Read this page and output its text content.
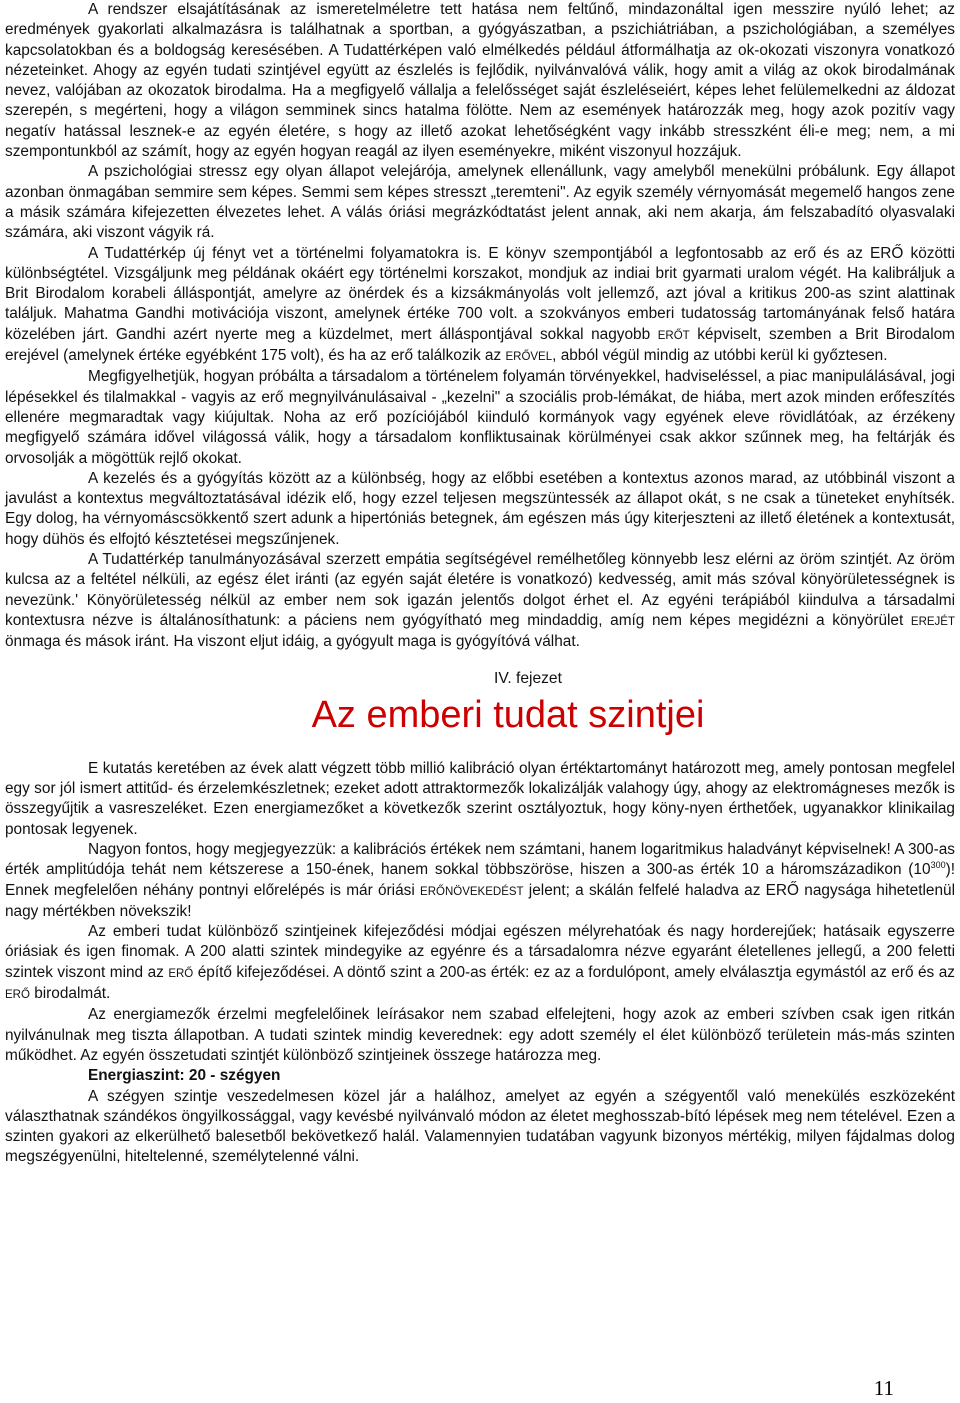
A rendszer elsajátításának az ismeretelméletre tett hatása nem feltűnő, mindazonáltal igen messzire nyúló lehet; az eredmények gyakorlati alkalmazásra is találhatnak a sportban, a gyógyászatban, a pszichiátriában, a pszichológiában, a személyes kapcsolatokban és a boldogság keresésében. A Tudattérképen való elmélkedés például átformálhatja az ok-okozati viszonyra vonatkozó nézeteinket. Ahogy az egyén tudati szintjével együtt az észlelés is fejlődik, nyilvánvalóvá válik, hogy amit a világ az okok birodalmának nevez, valójában az okozatok birodalma. Ha a megfigyelő vállalja a felelősséget saját észleléseiért, képes lehet felülemelkedni az áldozat szerepén, s megérteni, hogy a világon semminek sincs hatalma fölötte. Nem az események határozzák meg, hogy azok pozitív vagy negatív hatással lesznek-e az egyén életére, s hogy az illető azokat lehetőségként vagy inkább stresszként éli-e meg; nem, a mi szempontunkból az számít, hogy az egyén hogyan reagál az ilyen eseményekre, miként viszonyul hozzájuk.

A pszichológiai stressz egy olyan állapot velejárója, amelynek ellenállunk, vagy amelyből menekülni próbálunk. Egy állapot azonban önmagában semmire sem képes. Semmi sem képes stresszt „teremteni". Az egyik személy vérnyomását megemelő hangos zene a másik számára kifejezetten élvezetes lehet. A válás óriási megrázkódtatást jelent annak, aki nem akarja, ám felszabadító olyasvalaki számára, aki viszont vágyik rá.

A Tudattérkép új fényt vet a történelmi folyamatokra is. E könyv szempontjából a legfontosabb az erő és az ERŐ közötti különbségtétel. Vizsgáljunk meg példának okáért egy történelmi korszakot, mondjuk az indiai brit gyarmati uralom végét. Ha kalibráljuk a Brit Birodalom korabeli álláspontját, amelyre az önérdek és a kizsákmányolás volt jellemző, azt jóval a kritikus 200-as szint alattinak találjuk. Mahatma Gandhi motivációja viszont, amelynek értéke 700 volt. a szokványos emberi tudatosság tartományának felső határa közelében járt. Gandhi azért nyerte meg a küzdelmet, mert álláspontjával sokkal nagyobb ERŐT képviselt, szemben a Brit Birodalom erejével (amelynek értéke egyébként 175 volt), és ha az erő találkozik az ERŐVEL, abból végül mindig az utóbbi kerül ki győztesen.

Megfigyelhetjük, hogyan próbálta a társadalom a történelem folyamán törvényekkel, hadviseléssel, a piac manipulálásával, jogi lépésekkel és tilalmakkal - vagyis az erő megnyilvánulásaival - „kezelni" a szociális prob-lémákat, de hiába, mert azok minden erőfeszítés ellenére megmaradtak vagy kiújultak. Noha az erő pozíciójából kiinduló kormányok vagy egyének eleve rövidlátóak, az érzékeny megfigyelő számára idővel világossá válik, hogy a társadalom konfliktusainak körülményei csak akkor szűnnek meg, ha feltárják és orvosolják a mögöttük rejlő okokat.

A kezelés és a gyógyítás között az a különbség, hogy az előbbi esetében a kontextus azonos marad, az utóbbinál viszont a javulást a kontextus megváltoztatásával idézik elő, hogy ezzel teljesen megszüntessék az állapot okát, s ne csak a tüneteket enyhítsék. Egy dolog, ha vérnyomáscsökkentő szert adunk a hipertóniás betegnek, ám egészen más úgy kiterjeszteni az illető életének a kontextusát, hogy dühös és elfojtó késztetései megszűnjenek.

A Tudattérkép tanulmányozásával szerzett empátia segítségével remélhetőleg könnyebb lesz elérni az öröm szintjét. Az öröm kulcsa az a feltétel nélküli, az egész élet iránti (az egyén saját életére is vonatkozó) kedvesség, amit más szóval könyörületességnek is nevezünk.' Könyörületesség nélkül az ember nem sok igazán jelentős dolgot érhet el. Az egyéni terápiából kiindulva a társadalmi kontextusra nézve is általánosíthatunk: a páciens nem gyógyítható meg mindaddig, amíg nem képes megidézni a könyörület EREJÉT önmaga és mások iránt. Ha viszont eljut idáig, a gyógyult maga is gyógyítóvá válhat.

IV. fejezet
Az emberi tudat szintjei

E kutatás keretében az évek alatt végzett több millió kalibráció olyan értéktartományt határozott meg, amely pontosan megfelel egy sor jól ismert attitűd- és érzelemkészletnek; ezeket adott attraktormezők lokalizálják valahogy úgy, ahogy az elektromágneses mezők is összegyűjtik a vasreszeléket. Ezen energiamezőket a következők szerint osztályoztuk, hogy köny-nyen érthetőek, ugyanakkor klinikailag pontosak legyenek.

Nagyon fontos, hogy megjegyezzük: a kalibrációs értékek nem számtani, hanem logaritmikus haladványt képviselnek! A 300-as érték amplitúdója tehát nem kétszerese a 150-ének, hanem sokkal többszöröse, hiszen a 300-as érték 10 a háromszázadikon $(10^{300})$! Ennek megfelelően néhány pontnyi előrelépés is már óriási ERŐNÖVEKEDÉST jelent; a skálán felfelé haladva az ERŐ nagysága hihetetlenül nagy mértékben növekszik!

Az emberi tudat különböző szintjeinek kifejeződési módjai egészen mélyrehatóak és nagy horderejűek; hatásaik egyszerre óriásiak és igen finomak. A 200 alatti szintek mindegyike az egyénre és a társadalomra nézve egyaránt életellenes jellegű, a 200 feletti szintek viszont mind az ERŐ építő kifejeződései. A döntő szint a 200-as érték: ez az a fordulópont, amely elválasztja egymástól az erő és az ERŐ birodalmát.

Az energiamezők érzelmi megfelelőinek leírásakor nem szabad elfelejteni, hogy azok az emberi szívben csak igen ritkán nyilvánulnak meg tiszta állapotban. A tudati szintek mindig keverednek: egy adott személy el élet különböző területein más-más szinten működhet. Az egyén összetudati szintjét különböző szintjeinek összege határozza meg.

Energiaszint: 20 - szégyen

A szégyen szintje veszedelmesen közel jár a halálhoz, amelyet az egyén a szégyentől való menekülés eszközeként választhatnak szándékos öngyilkossággal, vagy kevésbé nyilvánvaló módon az életet meghosszab-bító lépések meg nem tételével. Ezen a szinten gyakori az elkerülhető balesetből bekövetkező halál. Valamennyien tudatában vagyunk bizonyos mértékig, milyen fájdalmas dolog megszégyenülni, hiteltelenné, személytelenné válni.

11
